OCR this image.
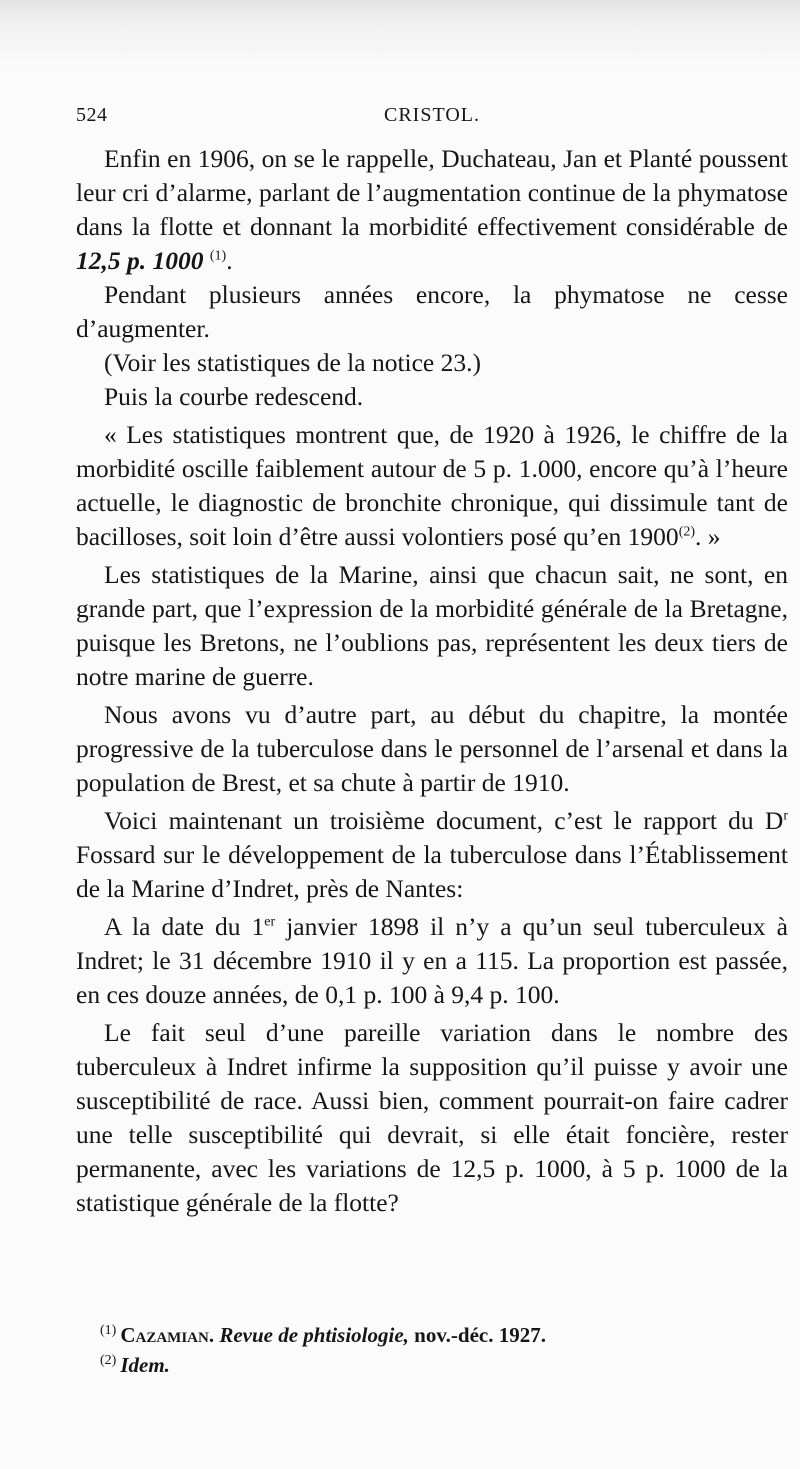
524	CRISTOL.

Enfin en 1906, on se le rappelle, Duchateau, Jan et Planté poussent leur cri d’alarme, parlant de l’augmentation continue de la phymatose dans la flotte et donnant la morbidité effectivement considérable de 12,5 p. 1000 $^{(1)}$.

Pendant plusieurs années encore, la phymatose ne cesse d’augmenter.

(Voir les statistiques de la notice 23.)

Puis la courbe redescend.

« Les statistiques montrent que, de 1920 à 1926, le chiffre de la morbidité oscille faiblement autour de 5 p. 1.000, encore qu’à l’heure actuelle, le diagnostic de bronchite chronique, qui dissimule tant de bacilloses, soit loin d’être aussi volontiers posé qu’en 1900$^{(2)}$. »

Les statistiques de la Marine, ainsi que chacun sait, ne sont, en grande part, que l’expression de la morbidité générale de la Bretagne, puisque les Bretons, ne l’oublions pas, représentent les deux tiers de notre marine de guerre.

Nous avons vu d’autre part, au début du chapitre, la montée progressive de la tuberculose dans le personnel de l’arsenal et dans la population de Brest, et sa chute à partir de 1910.

Voici maintenant un troisième document, c’est le rapport du $D^r$ Fossard sur le développement de la tuberculose dans l’Établissement de la Marine d’Indret, près de Nantes:

A la date du 1er janvier 1898 il n’y a qu’un seul tuberculeux à Indret; le 31 décembre 1910 il y en a 115. La proportion est passée, en ces douze années, de 0,1 p. 100 à 9,4 p. 100.

Le fait seul d’une pareille variation dans le nombre des tuberculeux à Indret infirme la supposition qu’il puisse y avoir une susceptibilité de race. Aussi bien, comment pourrait-on faire cadrer une telle susceptibilité qui devrait, si elle était foncière, rester permanente, avec les variations de 12,5 p. 1000, à 5 p. 1000 de la statistique générale de la flotte?

$^{(1)}$ Cazamian. Revue de phtisiologie, nov.-déc. 1927.

$^{(2)}$ Idem.
